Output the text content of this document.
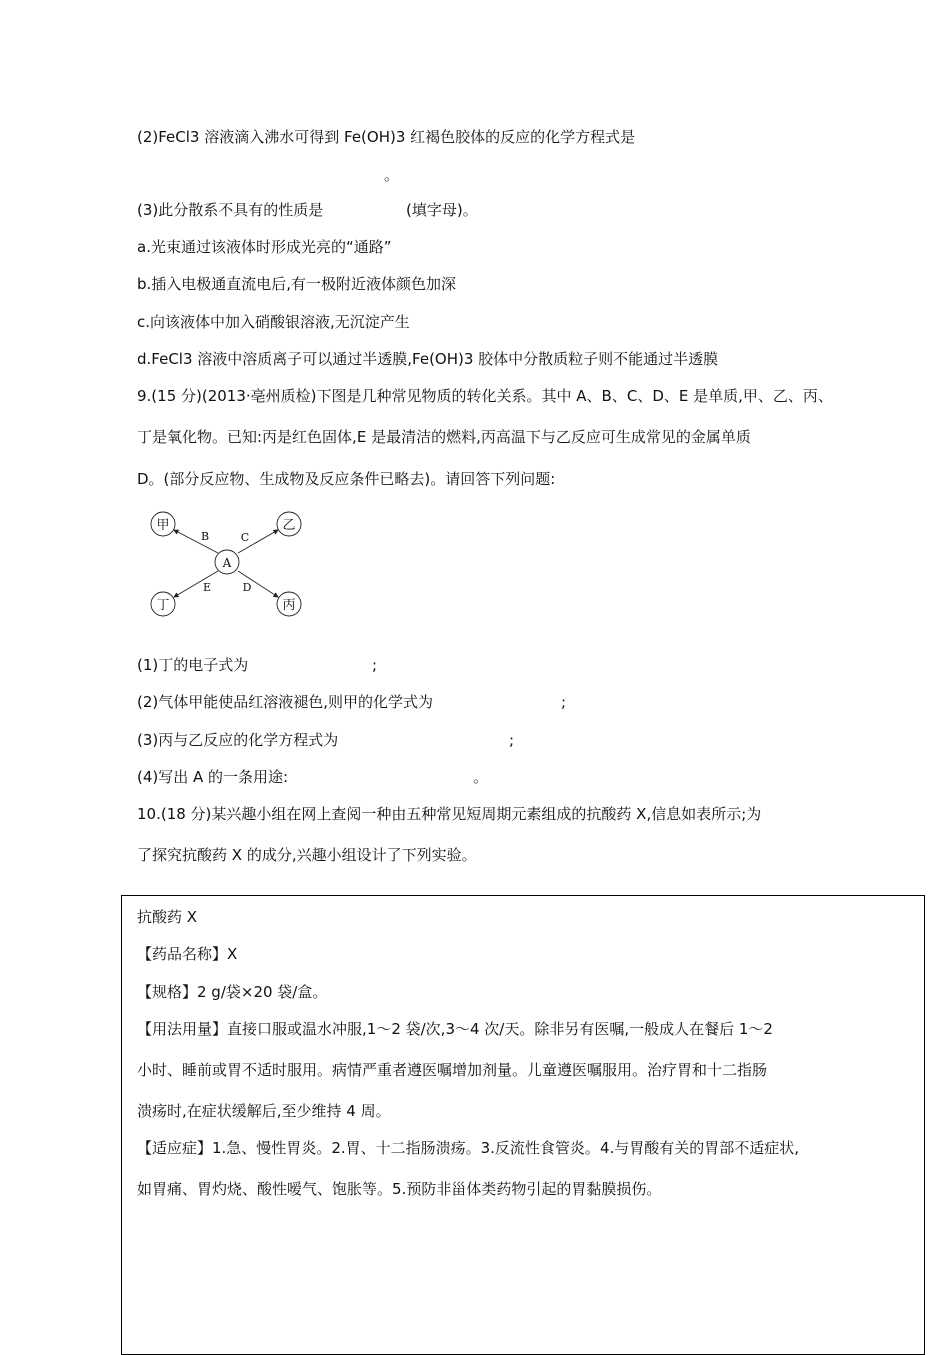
(2)FeCl3 溶液滴入沸水可得到 Fe(OH)3 红褐色胶体的反应的化学方程式是
。
(3)此分散系不具有的性质是	(填字母)。
a.光束通过该液体时形成光亮的“通路”
b.插入电极通直流电后,有一极附近液体颜色加深
c.向该液体中加入硝酸银溶液,无沉淀产生
d.FeCl3 溶液中溶质离子可以通过半透膜,Fe(OH)3 胶体中分散质粒子则不能通过半透膜
9.(15 分)(2013·亳州质检)下图是几种常见物质的转化关系。其中 A、B、C、D、E 是单质,甲、乙、丙、
丁是氧化物。已知:丙是红色固体,E 是最清洁的燃料,丙高温下与乙反应可生成常见的金属单质
D。(部分反应物、生成物及反应条件已略去)。请回答下列问题:
甲	乙
A
丁	丙
B	C
E	D
(1)丁的电子式为	;
(2)气体甲能使品红溶液褪色,则甲的化学式为	;
(3)丙与乙反应的化学方程式为	;
(4)写出 A 的一条用途:	。
10.(18 分)某兴趣小组在网上查阅一种由五种常见短周期元素组成的抗酸药 X,信息如表所示;为
了探究抗酸药 X 的成分,兴趣小组设计了下列实验。
抗酸药 X
【药品名称】X
【规格】2 g/袋×20 袋/盒。
【用法用量】直接口服或温水冲服,1～2 袋/次,3～4 次/天。除非另有医嘱,一般成人在餐后 1～2
小时、睡前或胃不适时服用。病情严重者遵医嘱增加剂量。儿童遵医嘱服用。治疗胃和十二指肠
溃疡时,在症状缓解后,至少维持 4 周。
【适应症】1.急、慢性胃炎。2.胃、十二指肠溃疡。3.反流性食管炎。4.与胃酸有关的胃部不适症状,
如胃痛、胃灼烧、酸性嗳气、饱胀等。5.预防非甾体类药物引起的胃黏膜损伤。
